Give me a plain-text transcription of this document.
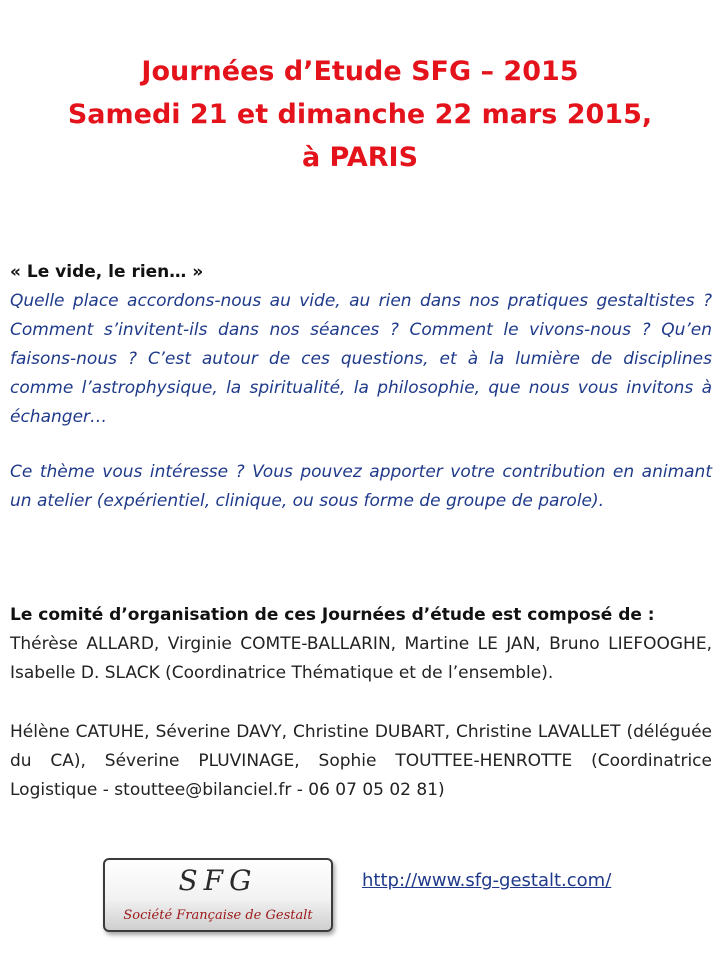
Journées d’Etude SFG – 2015
Samedi 21 et dimanche 22 mars 2015,
à PARIS
« Le vide, le rien… »
Quelle place accordons-nous au vide, au rien dans nos pratiques gestaltistes ? Comment s’invitent-ils dans nos séances ? Comment le vivons-nous ? Qu’en faisons-nous ? C’est autour de ces questions, et à la lumière de disciplines comme l’astrophysique, la spiritualité, la philosophie, que nous vous invitons à échanger…
Ce thème vous intéresse ? Vous pouvez apporter votre contribution en animant un atelier (expérientiel, clinique, ou sous forme de groupe de parole).
Le comité d’organisation de ces Journées d’étude est composé de :
Thérèse ALLARD, Virginie COMTE-BALLARIN, Martine LE JAN, Bruno LIEFOOGHE, Isabelle D. SLACK (Coordinatrice Thématique et de l’ensemble).
Hélène CATUHE, Séverine DAVY, Christine DUBART, Christine LAVALLET (déléguée du CA), Séverine PLUVINAGE, Sophie TOUTTEE-HENROTTE (Coordinatrice Logistique - stouttee@bilanciel.fr - 06 07 05 02 81)
SFG
Société Française de Gestalt
http://www.sfg-gestalt.com/
